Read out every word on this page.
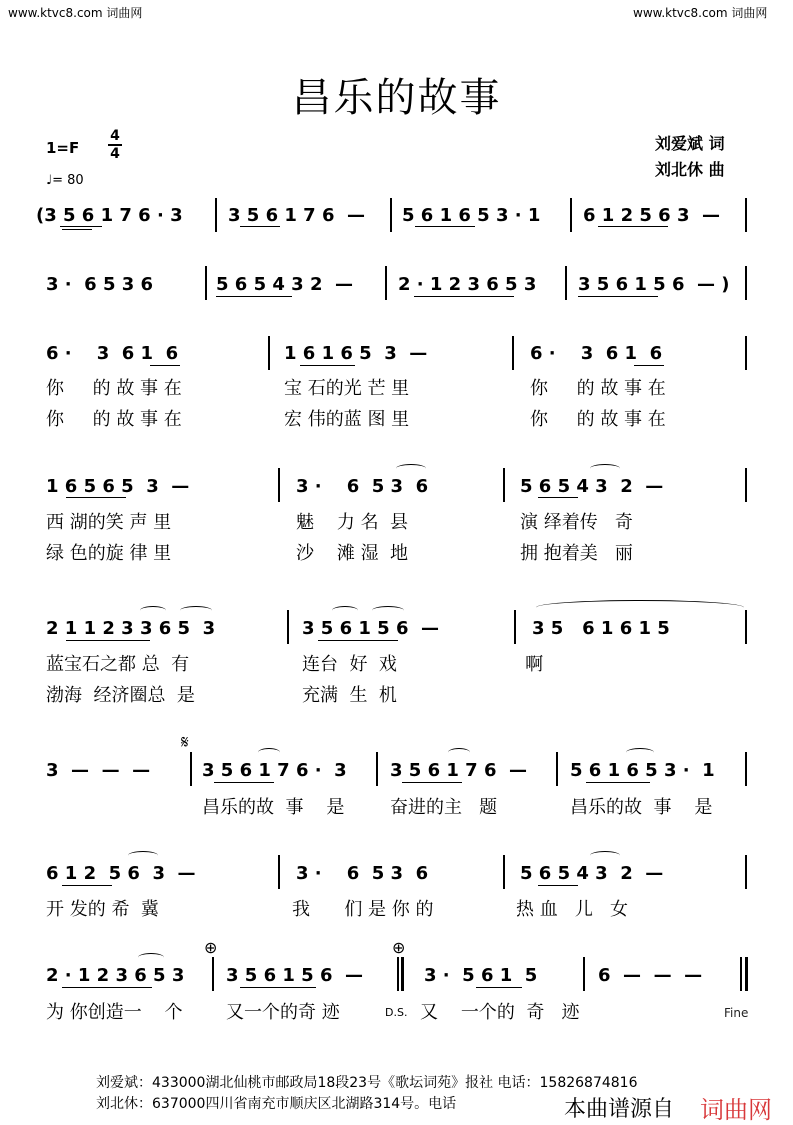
www.ktvc8.com 词曲网	www.ktvc8.com 词曲网
昌乐的故事
1=F
4
4
♩= 80
刘爱斌 词
刘北休 曲
(3 5 6 1 7 6 · 3	3 5 6 1 7 6  — 5 6 1 6 5 3 · 1 6 1 2 5 6 3  —
3 ·  6 5 3 6	5 6 5 4 3 2  — 2 · 1 2 3 6 5 3 3 5 6 1 5 6  — )
6 ·    3  6 1  6	1 6 1 6 5  3  —	6 ·    3  6 1  6
你     的 故 事 在	宝 石的光 芒 里	你     的 故 事 在
你     的 故 事 在	宏 伟的蓝 图 里	你     的 故 事 在
1 6 5 6 5  3  —	3 ·    6  5 3  6	5 6 5 4 3  2  —
西 湖的笑 声 里	魅    力 名  县	演 绎着传   奇
绿 色的旋 律 里	沙    滩 湿  地	拥 抱着美   丽
2 1 1 2 3 3 6 5  3	3 5 6 1 5 6  —	3 5   6 1 6 1 5
蓝宝石之都 总  有	连台  好  戏	啊
渤海  经济圈总  是	充满  生  机
𝄋
3  —  —  —	3 5 6 1 7 6 ·  3 3 5 6 1 7 6  — 5 6 1 6 5 3 ·  1
昌乐的故  事    是	奋进的主   题	昌乐的故  事    是
6 1 2  5 6  3  —	3 ·    6  5 3  6	5 6 5 4 3  2  —
开 发的 希  冀	我      们 是 你 的	热 血   儿   女
⊕	⊕
2 · 1 2 3 6 5 3 3 5 6 1 5 6  —	3 ·  5 6 1  5	6  —  —  —
为 你创造一    个 又一个的奇 迹	D.S. 又    一个的  奇   迹	Fine
刘爱斌：433000湖北仙桃市邮政局18段23号《歌坛词苑》报社 电话：15826874816
刘北休：637000四川省南充市顺庆区北湖路314号。电话	本曲谱源自 词曲网
